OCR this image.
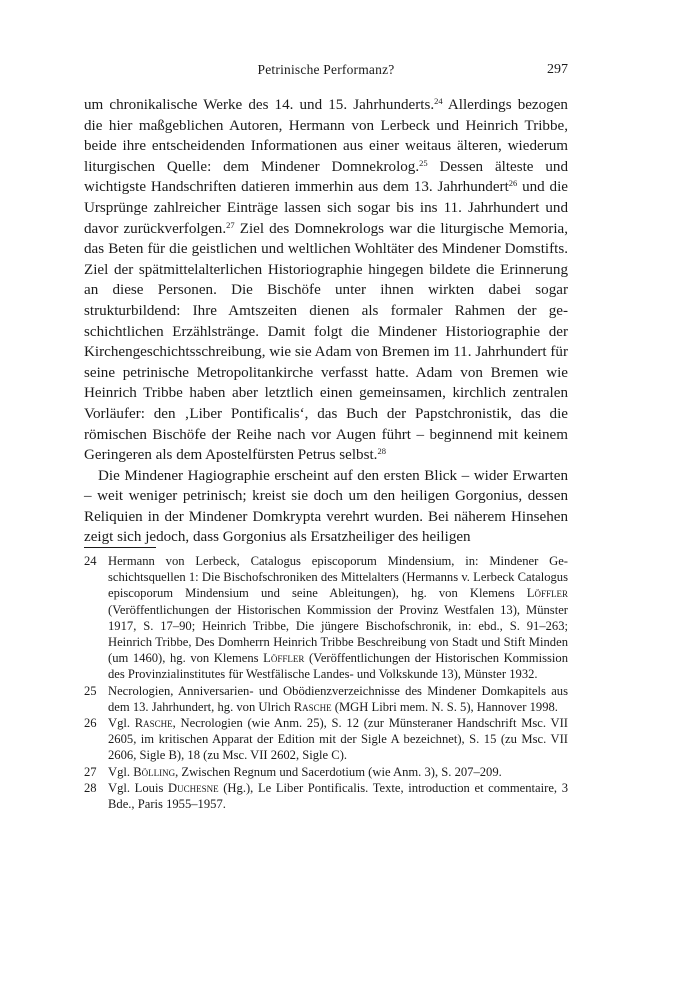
Petrinische Performanz?	297

um chronikalische Werke des 14. und 15. Jahrhunderts.$^{24}$ Allerdings bezogen die hier maßgeblichen Autoren, Hermann von Lerbeck und Heinrich Tribbe, beide ihre entscheidenden Informationen aus einer weitaus älteren, wiederum liturgischen Quelle: dem Mindener Domnekrolog.$^{25}$ Dessen älteste und wichtigste Handschriften datieren immerhin aus dem 13. Jahrhundert$^{26}$ und die Ursprünge zahlreicher Einträge lassen sich sogar bis ins 11. Jahrhundert und davor zurückverfolgen.$^{27}$ Ziel des Domnekrologs war die liturgische Memoria, das Beten für die geistlichen und weltlichen Wohltäter des Mindener Domstifts. Ziel der spätmittelalterlichen Historiographie hingegen bildete die Erinnerung an diese Personen. Die Bischöfe unter ihnen wirkten dabei sogar strukturbildend: Ihre Amtszeiten dienen als formaler Rahmen der geschichtlichen Erzählstränge. Damit folgt die Mindener Historiographie der Kirchengeschichtsschreibung, wie sie Adam von Bremen im 11. Jahrhundert für seine petrinische Metropolitankirche verfasst hatte. Adam von Bremen wie Heinrich Tribbe haben aber letztlich einen gemeinsamen, kirchlich zentralen Vorläufer: den ‚Liber Pontificalis‘, das Buch der Papstchronistik, das die römischen Bischöfe der Reihe nach vor Augen führt – beginnend mit keinem Geringeren als dem Apostelfürsten Petrus selbst.$^{28}$

Die Mindener Hagiographie erscheint auf den ersten Blick – wider Erwarten – weit weniger petrinisch; kreist sie doch um den heiligen Gorgonius, dessen Reliquien in der Mindener Domkrypta verehrt wurden. Bei näherem Hinsehen zeigt sich jedoch, dass Gorgonius als Ersatzheiliger des heiligen

24 Hermann von Lerbeck, Catalogus episcoporum Mindensium, in: Mindener Geschichtsquellen 1: Die Bischofschroniken des Mittelalters (Hermanns v. Lerbeck Catalogus episcoporum Mindensium und seine Ableitungen), hg. von Klemens Löffler (Veröffentlichungen der Historischen Kommission der Provinz Westfalen 13), Münster 1917, S. 17–90; Heinrich Tribbe, Die jüngere Bischofschronik, in: ebd., S. 91–263; Heinrich Tribbe, Des Domherrn Heinrich Tribbe Beschreibung von Stadt und Stift Minden (um 1460), hg. von Klemens Löffler (Veröffentlichungen der Historischen Kommission des Provinzialinstitutes für Westfälische Landes- und Volkskunde 13), Münster 1932.
25 Necrologien, Anniversarien- und Obödienzverzeichnisse des Mindener Domkapitels aus dem 13. Jahrhundert, hg. von Ulrich Rasche (MGH Libri mem. N. S. 5), Hannover 1998.
26 Vgl. Rasche, Necrologien (wie Anm. 25), S. 12 (zur Münsteraner Handschrift Msc. VII 2605, im kritischen Apparat der Edition mit der Sigle A bezeichnet), S. 15 (zu Msc. VII 2606, Sigle B), 18 (zu Msc. VII 2602, Sigle C).
27 Vgl. Bölling, Zwischen Regnum und Sacerdotium (wie Anm. 3), S. 207–209.
28 Vgl. Louis Duchesne (Hg.), Le Liber Pontificalis. Texte, introduction et commentaire, 3 Bde., Paris 1955–1957.
